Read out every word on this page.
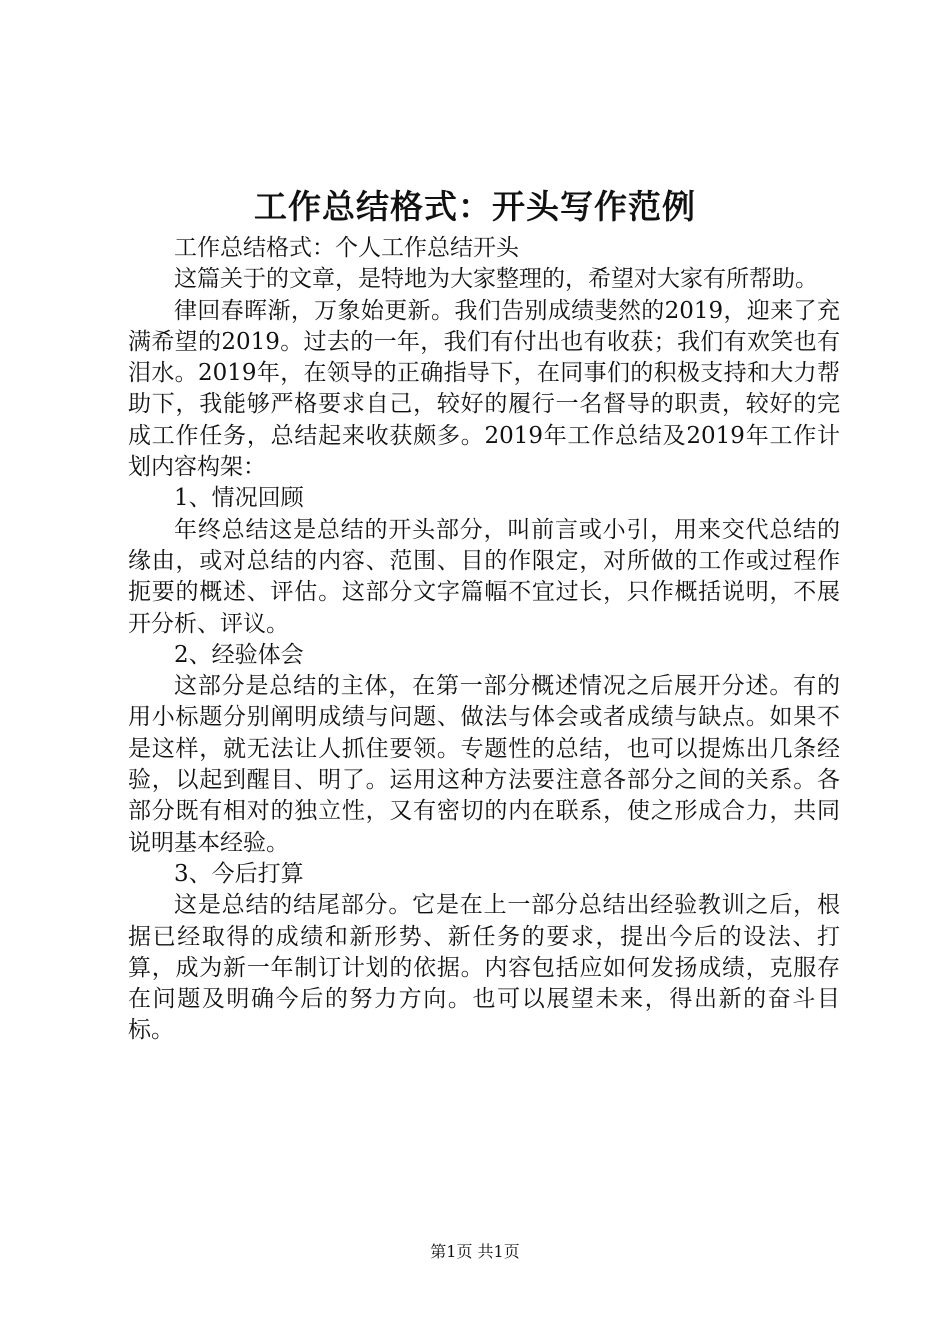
工作总结格式：开头写作范例

工作总结格式：个人工作总结开头

这篇关于的文章，是特地为大家整理的，希望对大家有所帮助。

律回春晖渐，万象始更新。我们告别成绩斐然的2019，迎来了充满希望的2019。过去的一年，我们有付出也有收获；我们有欢笑也有泪水。2019年，在领导的正确指导下，在同事们的积极支持和大力帮助下，我能够严格要求自己，较好的履行一名督导的职责，较好的完成工作任务，总结起来收获颇多。2019年工作总结及2019年工作计划内容构架：

1、情况回顾

年终总结这是总结的开头部分，叫前言或小引，用来交代总结的缘由，或对总结的内容、范围、目的作限定，对所做的工作或过程作扼要的概述、评估。这部分文字篇幅不宜过长，只作概括说明，不展开分析、评议。

2、经验体会

这部分是总结的主体，在第一部分概述情况之后展开分述。有的用小标题分别阐明成绩与问题、做法与体会或者成绩与缺点。如果不是这样，就无法让人抓住要领。专题性的总结，也可以提炼出几条经验，以起到醒目、明了。运用这种方法要注意各部分之间的关系。各部分既有相对的独立性，又有密切的内在联系，使之形成合力，共同说明基本经验。

3、今后打算

这是总结的结尾部分。它是在上一部分总结出经验教训之后，根据已经取得的成绩和新形势、新任务的要求，提出今后的设法、打算，成为新一年制订计划的依据。内容包括应如何发扬成绩，克服存在问题及明确今后的努力方向。也可以展望未来，得出新的奋斗目标。

第1页 共1页
